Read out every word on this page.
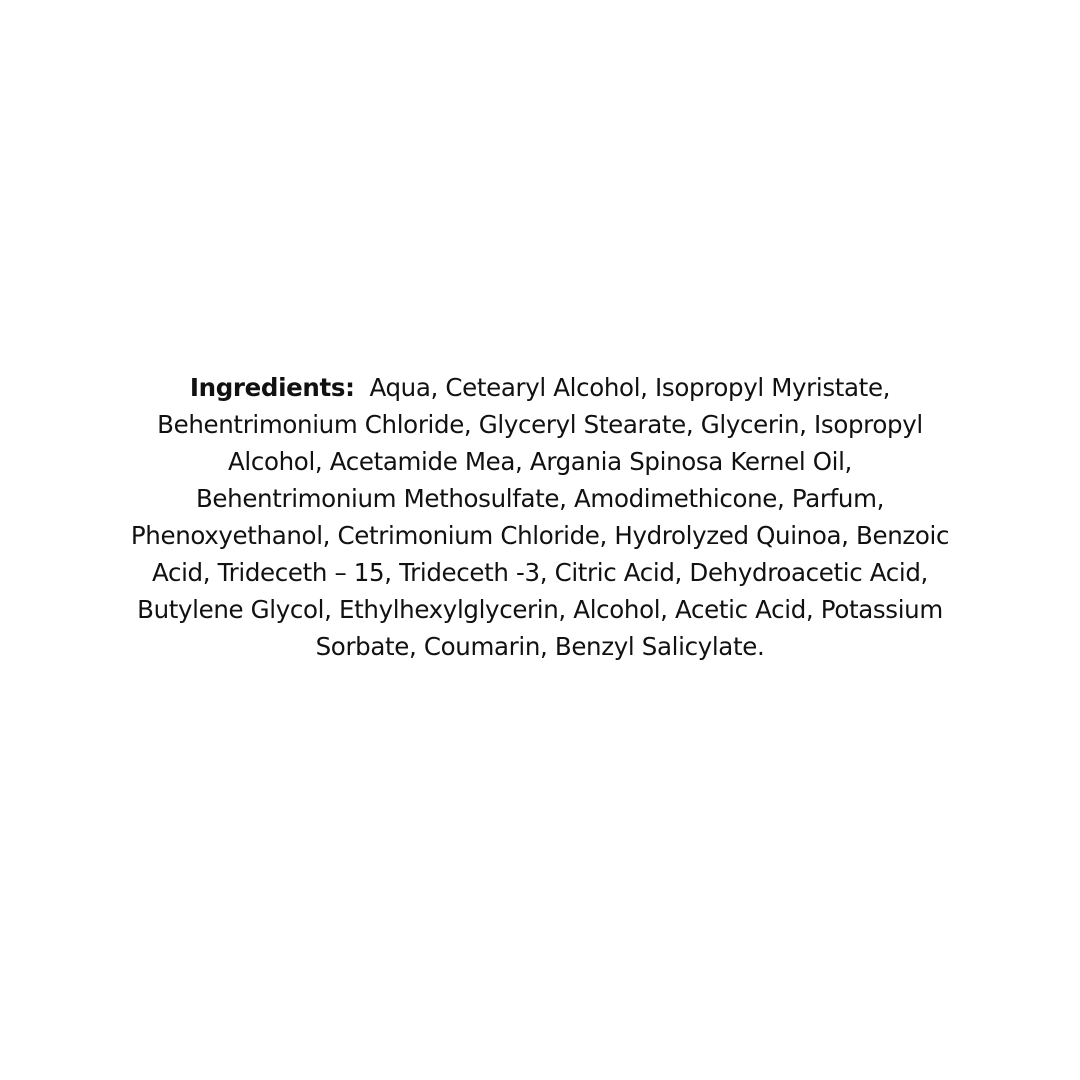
Ingredients: Aqua, Cetearyl Alcohol, Isopropyl Myristate,
Behentrimonium Chloride, Glyceryl Stearate, Glycerin, Isopropyl
Alcohol, Acetamide Mea, Argania Spinosa Kernel Oil,
Behentrimonium Methosulfate, Amodimethicone, Parfum,
Phenoxyethanol, Cetrimonium Chloride, Hydrolyzed Quinoa, Benzoic
Acid, Trideceth – 15, Trideceth -3, Citric Acid, Dehydroacetic Acid,
Butylene Glycol, Ethylhexylglycerin, Alcohol, Acetic Acid, Potassium
Sorbate, Coumarin, Benzyl Salicylate.
